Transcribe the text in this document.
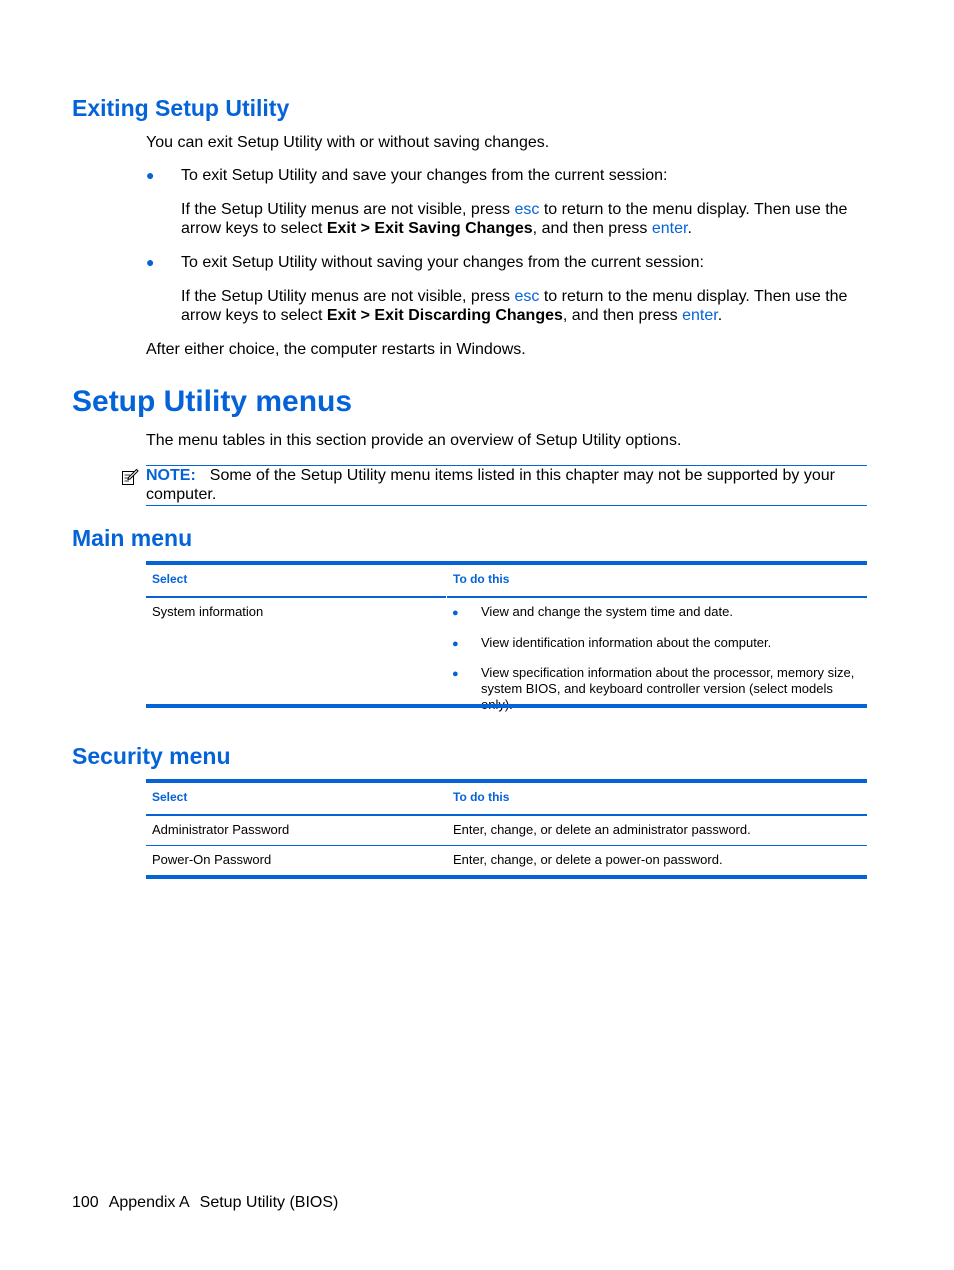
Exiting Setup Utility

You can exit Setup Utility with or without saving changes.

● To exit Setup Utility and save your changes from the current session:

If the Setup Utility menus are not visible, press esc to return to the menu display. Then use the arrow keys to select Exit > Exit Saving Changes, and then press enter.

● To exit Setup Utility without saving your changes from the current session:

If the Setup Utility menus are not visible, press esc to return to the menu display. Then use the arrow keys to select Exit > Exit Discarding Changes, and then press enter.

After either choice, the computer restarts in Windows.

Setup Utility menus

The menu tables in this section provide an overview of Setup Utility options.

NOTE: Some of the Setup Utility menu items listed in this chapter may not be supported by your computer.

Main menu
Select	To do this
System information	● View and change the system time and date.
● View identification information about the computer.
● View specification information about the processor, memory size, system BIOS, and keyboard controller version (select models
Security menu
Select	To do this
Administrator Password	Enter, change, or delete an administrator password.
Power-On Password	Enter, change, or delete a power-on password.
100 Appendix A Setup Utility (BIOS)
